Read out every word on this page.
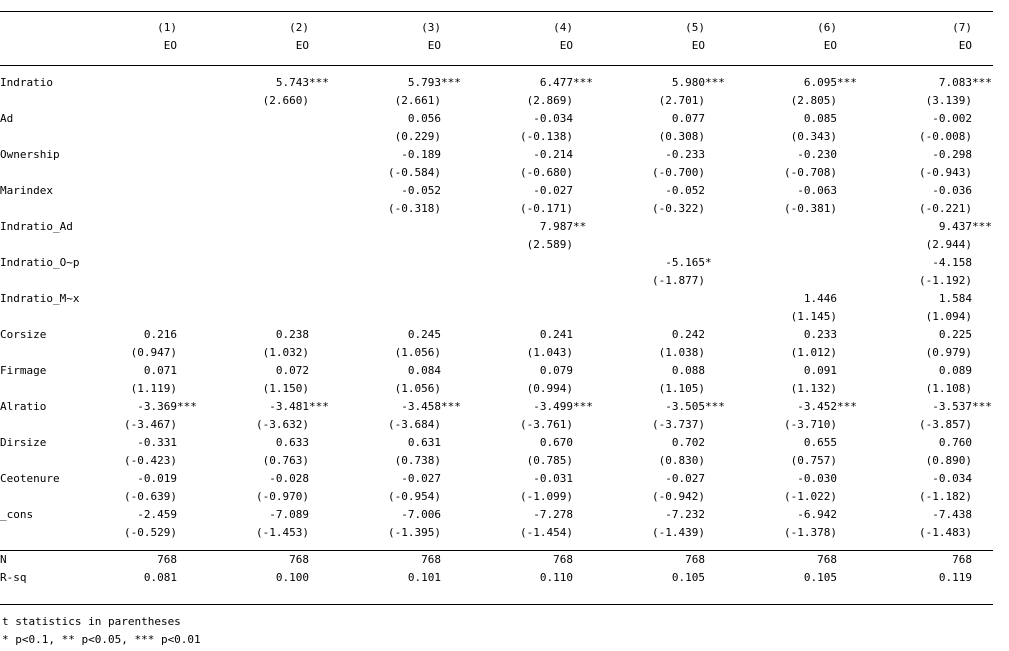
	(1)	(2)	(3)	(4)	(5)	(6)	(7)
	EO	EO	EO	EO	EO	EO	EO

Indratio		5.743***	5.793***	6.477***	5.980***	6.095***	7.083***
		(2.660)	(2.661)	(2.869)	(2.701)	(2.805)	(3.139)
Ad			0.056	-0.034	0.077	0.085	-0.002
			(0.229)	(-0.138)	(0.308)	(0.343)	(-0.008)
Ownership			-0.189	-0.214	-0.233	-0.230	-0.298
			(-0.584)	(-0.680)	(-0.700)	(-0.708)	(-0.943)
Marindex			-0.052	-0.027	-0.052	-0.063	-0.036
			(-0.318)	(-0.171)	(-0.322)	(-0.381)	(-0.221)
Indratio_Ad				7.987**			9.437***
				(2.589)			(2.944)
Indratio_O~p					-5.165*		-4.158
					(-1.877)		(-1.192)
Indratio_M~x						1.446	1.584
						(1.145)	(1.094)
Corsize	0.216	0.238	0.245	0.241	0.242	0.233	0.225
	(0.947)	(1.032)	(1.056)	(1.043)	(1.038)	(1.012)	(0.979)
Firmage	0.071	0.072	0.084	0.079	0.088	0.091	0.089
	(1.119)	(1.150)	(1.056)	(0.994)	(1.105)	(1.132)	(1.108)
Alratio	-3.369***	-3.481***	-3.458***	-3.499***	-3.505***	-3.452***	-3.537***
	(-3.467)	(-3.632)	(-3.684)	(-3.761)	(-3.737)	(-3.710)	(-3.857)
Dirsize	-0.331	0.633	0.631	0.670	0.702	0.655	0.760
	(-0.423)	(0.763)	(0.738)	(0.785)	(0.830)	(0.757)	(0.890)
Ceotenure	-0.019	-0.028	-0.027	-0.031	-0.027	-0.030	-0.034
	(-0.639)	(-0.970)	(-0.954)	(-1.099)	(-0.942)	(-1.022)	(-1.182)
_cons	-2.459	-7.089	-7.006	-7.278	-7.232	-6.942	-7.438
	(-0.529)	(-1.453)	(-1.395)	(-1.454)	(-1.439)	(-1.378)	(-1.483)

N	768	768	768	768	768	768	768
R-sq	0.081	0.100	0.101	0.110	0.105	0.105	0.119
t statistics in parentheses
* p<0.1, ** p<0.05, *** p<0.01
